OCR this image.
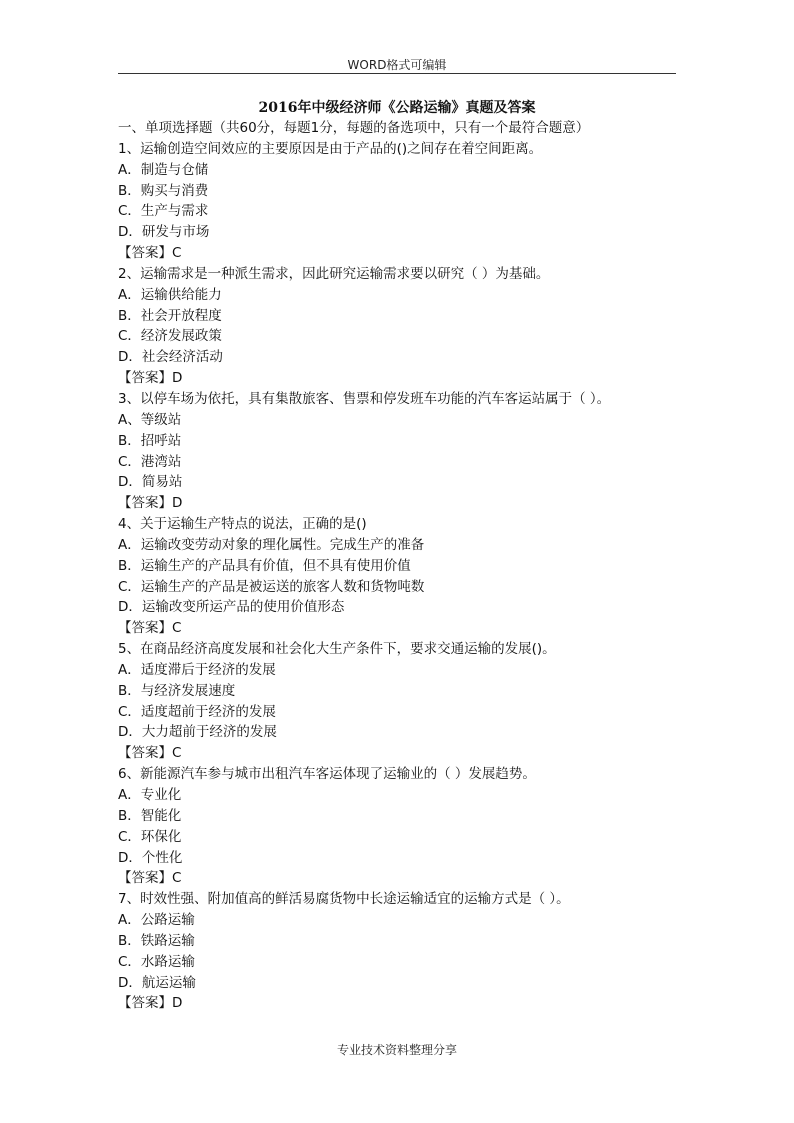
WORD格式可编辑
2016年中级经济师《公路运输》真题及答案
一、单项选择题（共60分，每题1分，每题的备选项中，只有一个最符合题意）
1、运输创造空间效应的主要原因是由于产品的()之间存在着空间距离。
A．制造与仓储
B．购买与消费
C．生产与需求
D．研发与市场
【答案】C
2、运输需求是一种派生需求，因此研究运输需求要以研究（ ）为基础。
A．运输供给能力
B．社会开放程度
C．经济发展政策
D．社会经济活动
【答案】D
3、以停车场为依托，具有集散旅客、售票和停发班车功能的汽车客运站属于（ ）。
A、等级站
B．招呼站
C．港湾站
D．简易站
【答案】D
4、关于运输生产特点的说法，正确的是()
A．运输改变劳动对象的理化属性。完成生产的准备
B．运输生产的产品具有价值，但不具有使用价值
C．运输生产的产品是被运送的旅客人数和货物吨数
D．运输改变所运产品的使用价值形态
【答案】C
5、在商品经济高度发展和社会化大生产条件下，要求交通运输的发展()。
A．适度滞后于经济的发展
B．与经济发展速度
C．适度超前于经济的发展
D．大力超前于经济的发展
【答案】C
6、新能源汽车参与城市出租汽车客运体现了运输业的（ ）发展趋势。
A．专业化
B．智能化
C．环保化
D．个性化
【答案】C
7、时效性强、附加值高的鲜活易腐货物中长途运输适宜的运输方式是（ ）。
A．公路运输
B．铁路运输
C．水路运输
D．航运运输
【答案】D
专业技术资料整理分享
